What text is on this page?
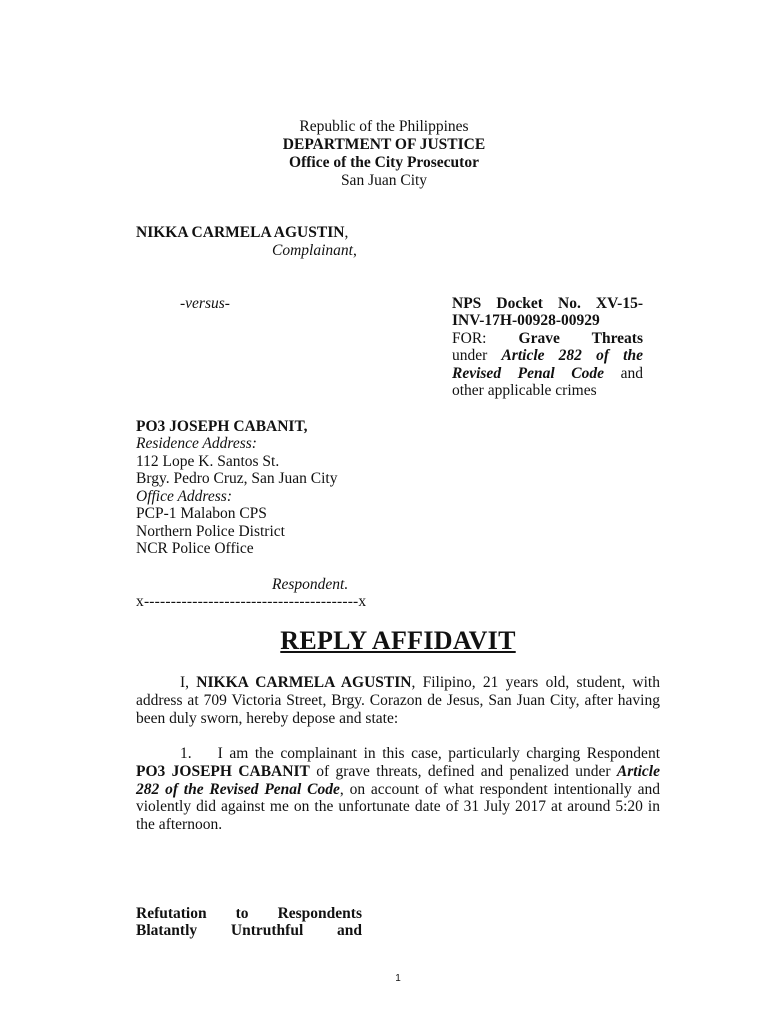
Republic of the Philippines
DEPARTMENT OF JUSTICE
Office of the City Prosecutor
San Juan City
NIKKA CARMELA AGUSTIN,
Complainant,
-versus-	NPS Docket No. XV-15-
INV-17H-00928-00929
FOR: Grave Threats
under Article 282 of the
Revised Penal Code and
other applicable crimes
PO3 JOSEPH CABANIT,
Residence Address:
112 Lope K. Santos St.
Brgy. Pedro Cruz, San Juan City
Office Address:
PCP-1 Malabon CPS
Northern Police District
NCR Police Office
Respondent.
x----------------------------------------x
REPLY AFFIDAVIT
I, NIKKA CARMELA AGUSTIN, Filipino, 21 years old, student, with address at 709 Victoria Street, Brgy. Corazon de Jesus, San Juan City, after having been duly sworn, hereby depose and state:
1. I am the complainant in this case, particularly charging Respondent PO3 JOSEPH CABANIT of grave threats, defined and penalized under Article 282 of the Revised Penal Code, on account of what respondent intentionally and violently did against me on the unfortunate date of 31 July 2017 at around 5:20 in the afternoon.
Refutation to Respondents
Blatantly Untruthful and
1
